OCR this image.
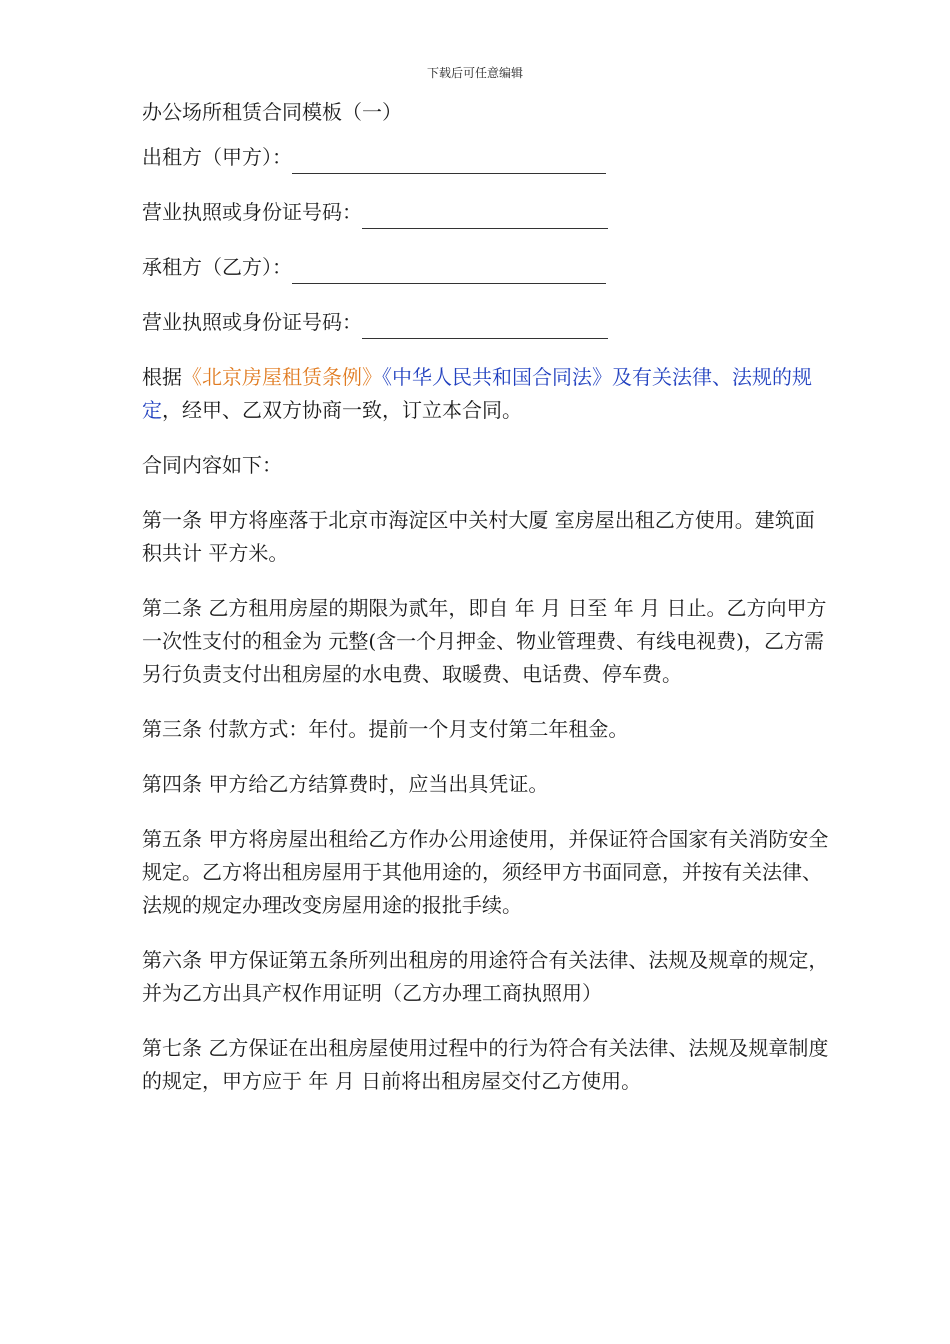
下载后可任意编辑
办公场所租赁合同模板（一）
出租方（甲方）：
营业执照或身份证号码：
承租方（乙方）：
营业执照或身份证号码：

根据《北京房屋租赁条例》《中华人民共和国合同法》及有关法律、法规的规定，经甲、乙双方协商一致，订立本合同。

合同内容如下：

第一条 甲方将座落于北京市海淀区中关村大厦 室房屋出租乙方使用。建筑面积共计 平方米。

第二条 乙方租用房屋的期限为贰年，即自 年 月 日至 年 月 日止。乙方向甲方一次性支付的租金为 元整(含一个月押金、物业管理费、有线电视费)，乙方需另行负责支付出租房屋的水电费、取暖费、电话费、停车费。

第三条 付款方式：年付。提前一个月支付第二年租金。

第四条 甲方给乙方结算费时，应当出具凭证。

第五条 甲方将房屋出租给乙方作办公用途使用，并保证符合国家有关消防安全规定。乙方将出租房屋用于其他用途的，须经甲方书面同意，并按有关法律、法规的规定办理改变房屋用途的报批手续。

第六条 甲方保证第五条所列出租房的用途符合有关法律、法规及规章的规定，并为乙方出具产权作用证明（乙方办理工商执照用）

第七条 乙方保证在出租房屋使用过程中的行为符合有关法律、法规及规章制度的规定，甲方应于 年 月 日前将出租房屋交付乙方使用。
